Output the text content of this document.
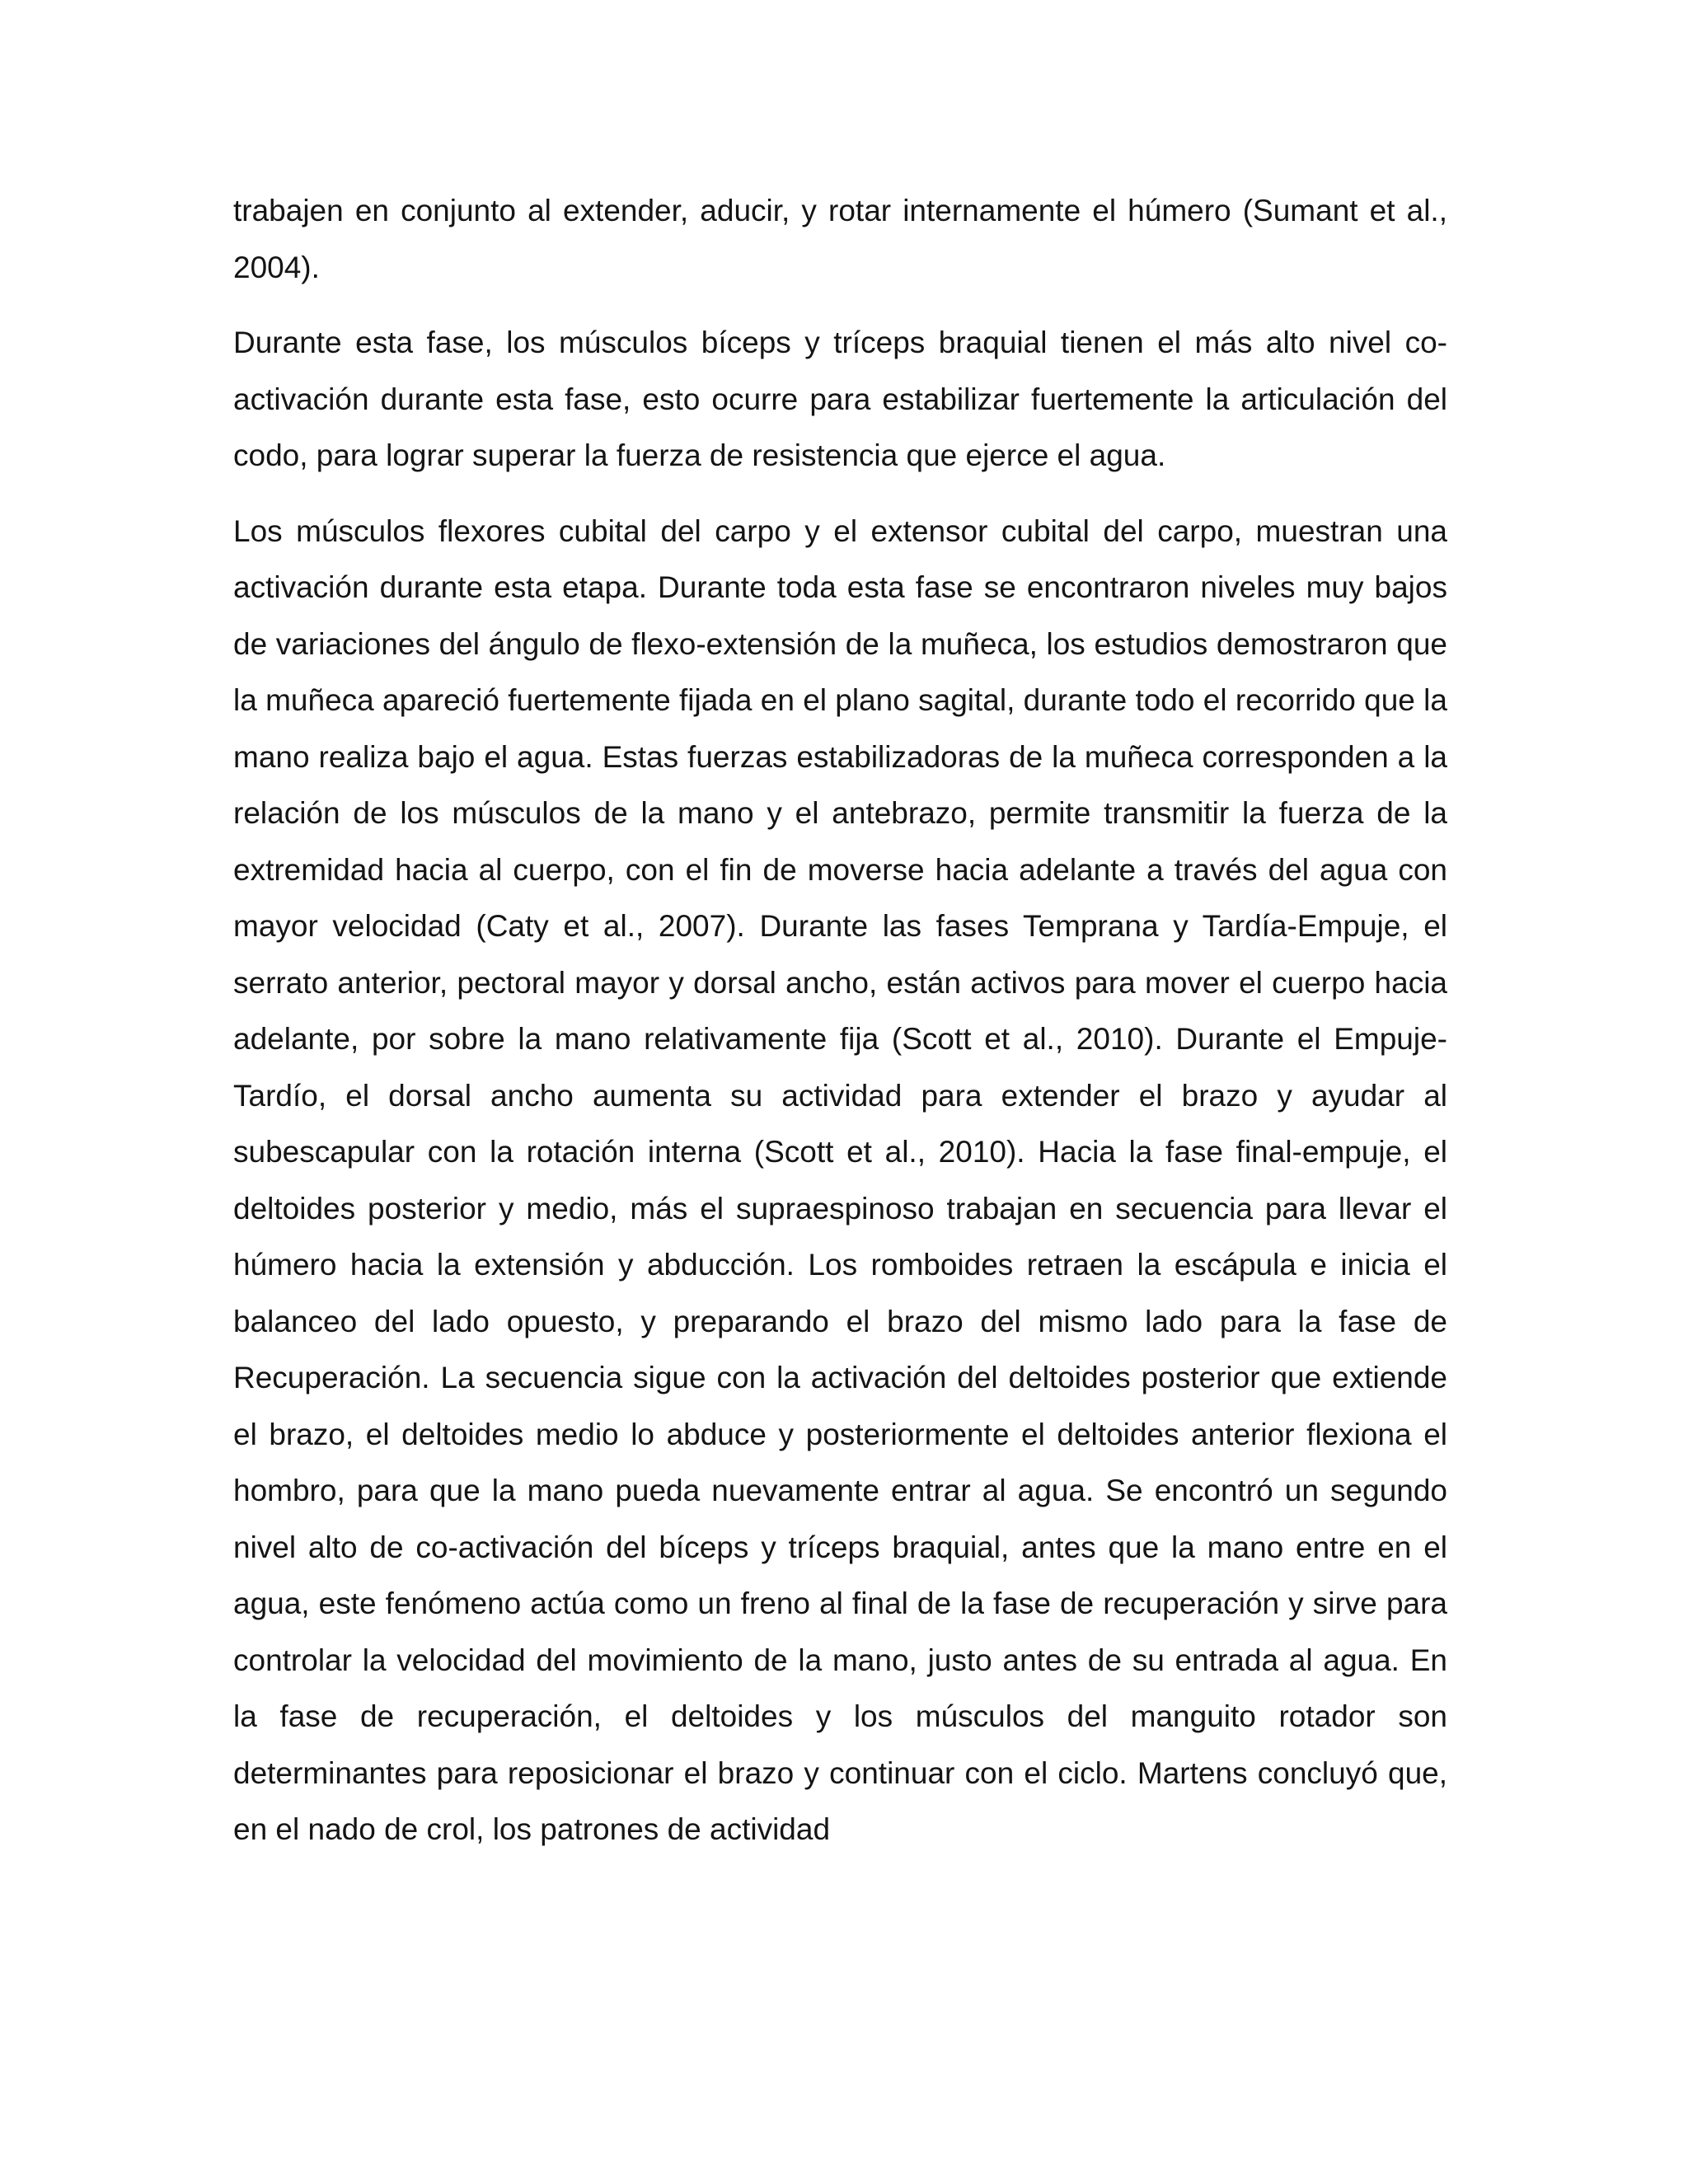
trabajen en conjunto al extender, aducir, y rotar internamente el húmero (Sumant et al., 2004).

Durante esta fase, los músculos bíceps y tríceps braquial tienen el más alto nivel co-activación durante esta fase, esto ocurre para estabilizar fuertemente la articulación del codo, para lograr superar la fuerza de resistencia que ejerce el agua.

Los músculos flexores cubital del carpo y el extensor cubital del carpo, muestran una activación durante esta etapa. Durante toda esta fase se encontraron niveles muy bajos de variaciones del ángulo de flexo-extensión de la muñeca, los estudios demostraron que la muñeca apareció fuertemente fijada en el plano sagital, durante todo el recorrido que la mano realiza bajo el agua. Estas fuerzas estabilizadoras de la muñeca corresponden a la relación de los músculos de la mano y el antebrazo, permite transmitir la fuerza de la extremidad hacia al cuerpo, con el fin de moverse hacia adelante a través del agua con mayor velocidad (Caty et al., 2007). Durante las fases Temprana y Tardía-Empuje, el serrato anterior, pectoral mayor y dorsal ancho, están activos para mover el cuerpo hacia adelante, por sobre la mano relativamente fija (Scott et al., 2010). Durante el Empuje-Tardío, el dorsal ancho aumenta su actividad para extender el brazo y ayudar al subescapular con la rotación interna (Scott et al., 2010). Hacia la fase final-empuje, el deltoides posterior y medio, más el supraespinoso trabajan en secuencia para llevar el húmero hacia la extensión y abducción. Los romboides retraen la escápula e inicia el balanceo del lado opuesto, y preparando el brazo del mismo lado para la fase de Recuperación. La secuencia sigue con la activación del deltoides posterior que extiende el brazo, el deltoides medio lo abduce y posteriormente el deltoides anterior flexiona el hombro, para que la mano pueda nuevamente entrar al agua. Se encontró un segundo nivel alto de co-activación del bíceps y tríceps braquial, antes que la mano entre en el agua, este fenómeno actúa como un freno al final de la fase de recuperación y sirve para controlar la velocidad del movimiento de la mano, justo antes de su entrada al agua. En la fase de recuperación, el deltoides y los músculos del manguito rotador son determinantes para reposicionar el brazo y continuar con el ciclo. Martens concluyó que, en el nado de crol, los patrones de actividad
